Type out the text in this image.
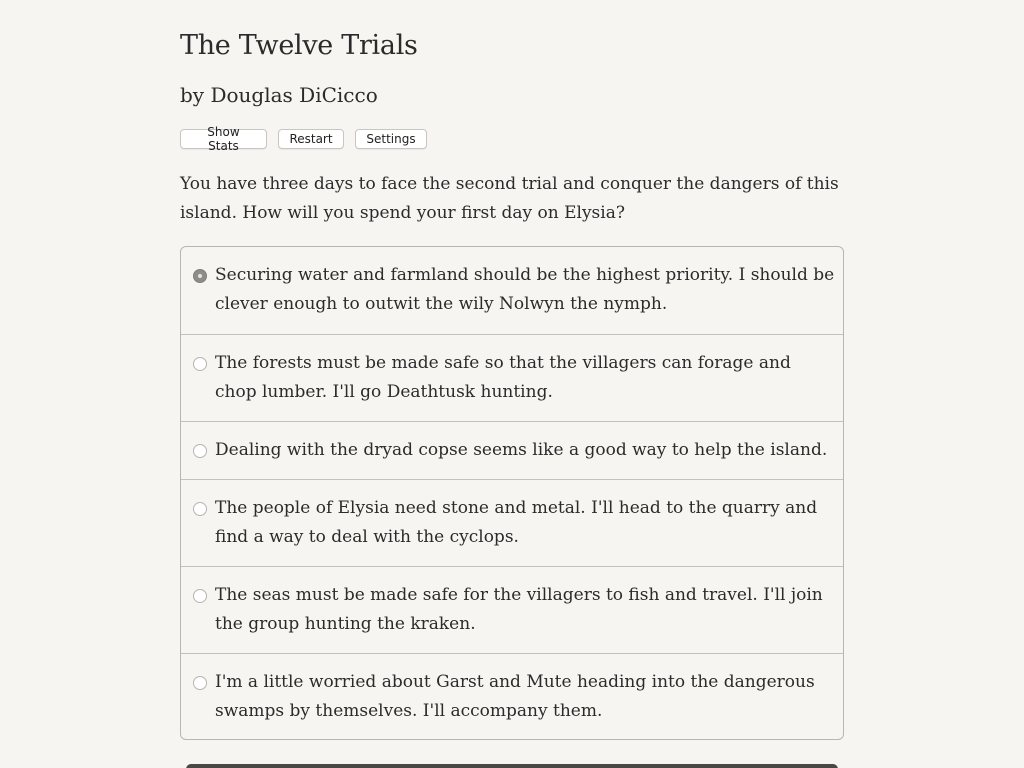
The Twelve Trials
by Douglas DiCicco
Show Stats	Restart	Settings

You have three days to face the second trial and conquer the dangers of this island. How will you spend your first day on Elysia?

Securing water and farmland should be the highest priority. I should be clever enough to outwit the wily Nolwyn the nymph.
The forests must be made safe so that the villagers can forage and chop lumber. I'll go Deathtusk hunting.
Dealing with the dryad copse seems like a good way to help the island.
The people of Elysia need stone and metal. I'll head to the quarry and find a way to deal with the cyclops.
The seas must be made safe for the villagers to fish and travel. I'll join the group hunting the kraken.
I'm a little worried about Garst and Mute heading into the dangerous swamps by themselves. I'll accompany them.
